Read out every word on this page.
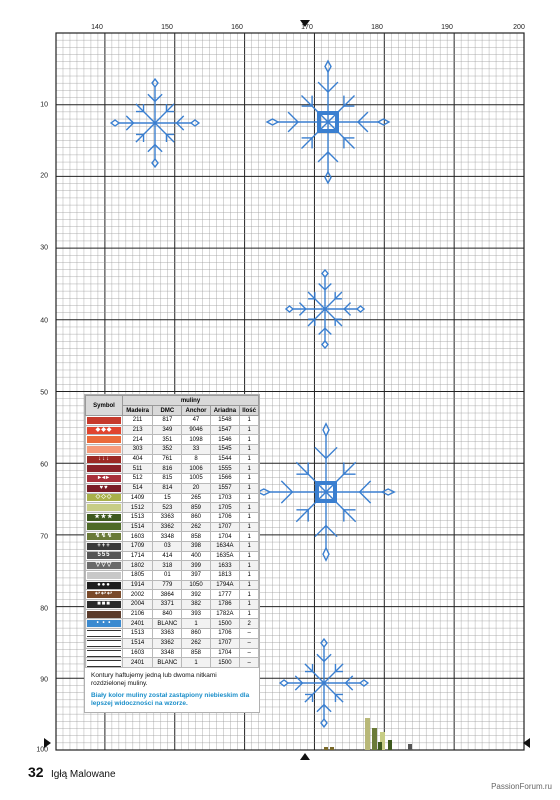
140	150	160	170	180	190	200
10
20
30
40
50
60
70
80
90
100
Symbol	muliny				
	Madeira	DMC	Anchor	Ariadna	Ilość

	211	817	47	1548	1

◆◆◆	213	349	9046	1547	1

	214	351	1098	1546	1

	303	352	33	1545	1

↓↓↓	404	761	8	1544	1

	511	816	1006	1555	1

▸◂▸	512	815	1005	1566	1

♥♥	514	814	20	1557	1

◇◇◇	1409	15	265	1703	1

	1512	523	859	1705	1

★★★	1513	3363	860	1706	1

	1514	3362	262	1707	1

↯↯↯	1603	3348	858	1704	1

+++	1709	03	398	1634A	1

555	1714	414	400	1635A	1

▽▽▽	1802	318	399	1633	1

	1805	01	397	1813	1

●●●	1914	779	1050	1794A	1

↩↩↩	2002	3864	392	1777	1

■■■	2004	3371	382	1786	1

	2106	840	393	1782A	1

• • •	2401	BLANC	1	1500	2

	1513	3363	860	1706	–

	1514	3362	262	1707	–

	1603	3348	858	1704	–

	2401	BLANC	1	1500	–
Kontury haftujemy jedną lub dwoma nitkami rozdzielonej muliny.
Biały kolor muliny został zastąpiony niebieskim dla lepszej widoczności na wzorze.
32 Igłą Malowane
PassionForum.ru
